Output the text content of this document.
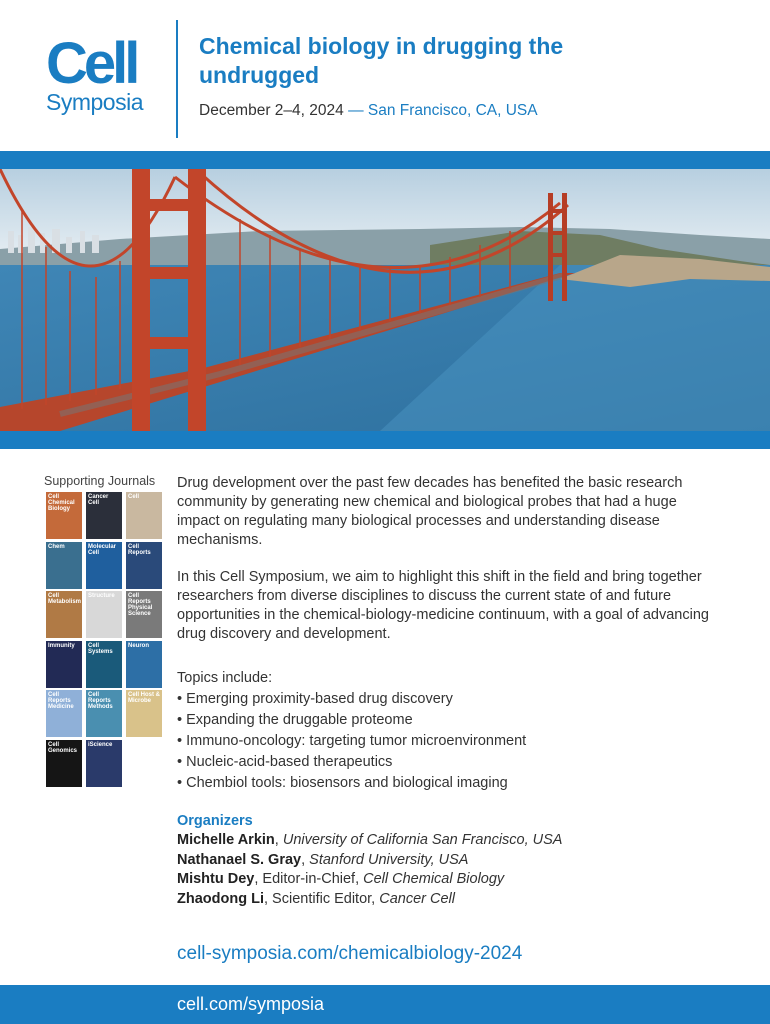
Cell
Symposia
Chemical biology in drugging the undrugged
December 2–4, 2024 — San Francisco, CA, USA
Supporting Journals
Cell Chemical Biology
Cancer Cell
Cell
Chem	Molecular Cell
Cell Reports
Cell Metabolism
Structure	Cell Reports Physical Science
Immunity	Cell Systems
Neuron
Cell Reports Medicine
Cell Reports Methods
Cell Host & Microbe
Cell Genomics
iScience

Drug development over the past few decades has benefited the basic research community by generating new chemical and biological probes that had a huge impact on regulating many biological processes and understanding disease mechanisms.

In this Cell Symposium, we aim to highlight this shift in the field and bring together researchers from diverse disciplines to discuss the current state of and future opportunities in the chemical-biology-medicine continuum, with a goal of advancing drug discovery and development.

Topics include:
• Emerging proximity-based drug discovery
• Expanding the druggable proteome
• Immuno-oncology: targeting tumor microenvironment
• Nucleic-acid-based therapeutics
• Chembiol tools: biosensors and biological imaging
Organizers
Michelle Arkin, University of California San Francisco, USA
Nathanael S. Gray, Stanford University, USA
Mishtu Dey, Editor-in-Chief, Cell Chemical Biology
Zhaodong Li, Scientific Editor, Cancer Cell
cell-symposia.com/chemicalbiology-2024
cell.com/symposia
